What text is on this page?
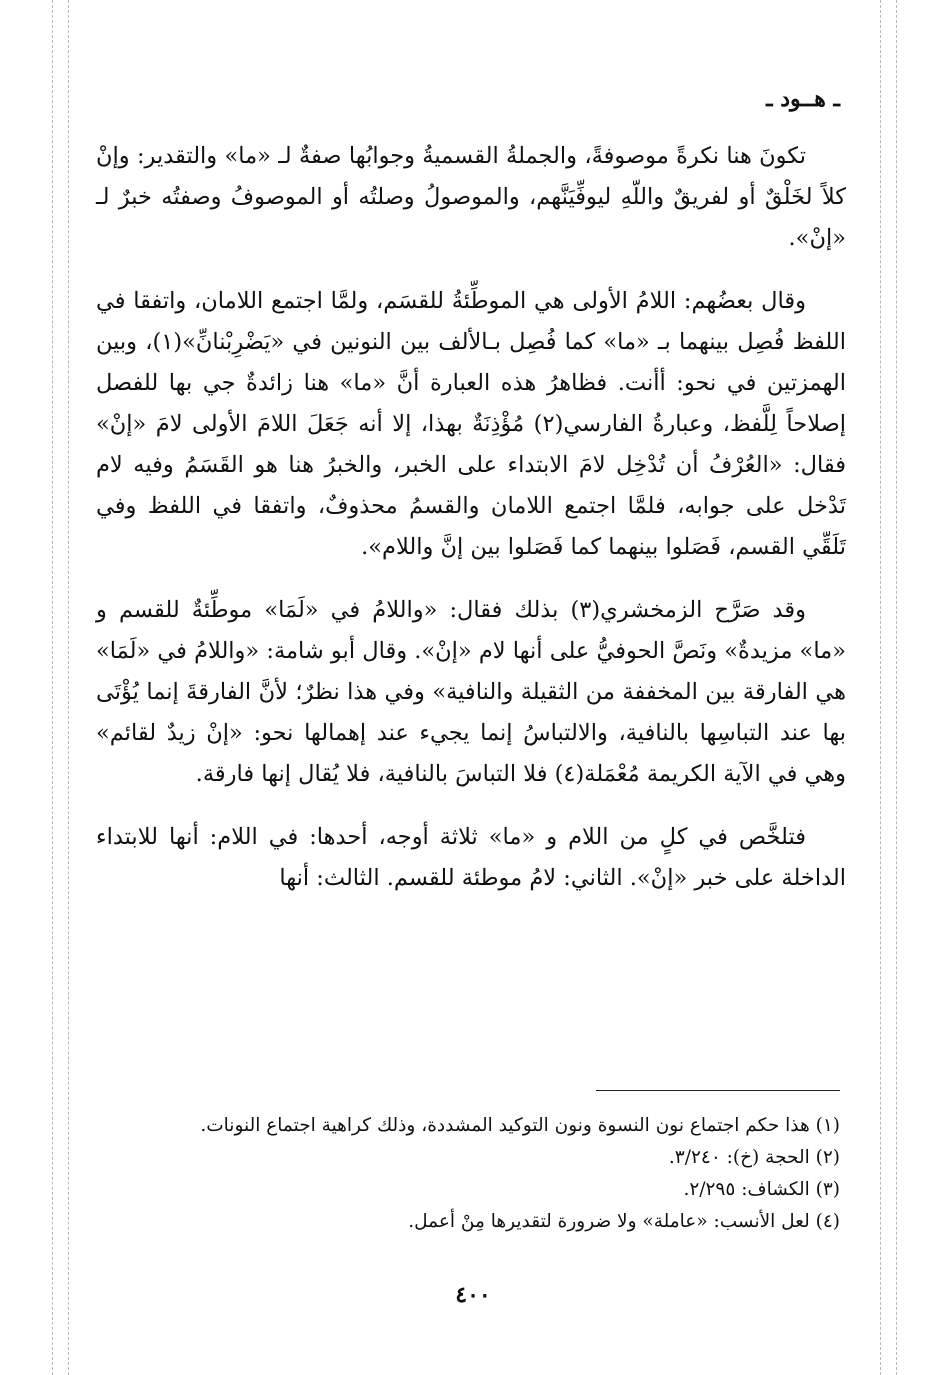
ـ هــود ـ

تكونَ هنا نكرةً موصوفةً، والجملةُ القسميةُ وجوابُها صفةٌ لـ «ما» والتقدير: وإنْ كلاً لخَلْقٌ أو لفريقٌ واللّهِ ليوفِّيَنَّهم، والموصولُ وصلتُه أو الموصوفُ وصفتُه خبرٌ لـ «إنْ».

وقال بعضُهم: اللامُ الأولى هي الموطِّئةُ للقسَم، ولمَّا اجتمع اللامان، واتفقا في اللفظ فُصِل بينهما بـ «ما» كما فُصِل بـالألف بين النونين في «يَضْرِبْنانِّ»(١)، وبين الهمزتين في نحو: أأنت. فظاهرُ هذه العبارة أنَّ «ما» هنا زائدةٌ جي بها للفصل إصلاحاً لِلَّفظ، وعبارةُ الفارسي(٢) مُؤْذِنَةٌ بهذا، إلا أنه جَعَلَ اللامَ الأولى لامَ «إنْ» فقال: «العُرْفُ أن تُدْخِل لامَ الابتداء على الخبر، والخبرُ هنا هو القَسَمُ وفيه لام تَدْخل على جوابه، فلمَّا اجتمع اللامان والقسمُ محذوفٌ، واتفقا في اللفظ وفي تَلَقِّي القسم، فَصَلوا بينهما كما فَصَلوا بين إنَّ واللام».

وقد صَرَّح الزمخشري(٣) بذلك فقال: «واللامُ في «لَمَا» موطِّئةٌ للقسم و «ما» مزيدةٌ» ونَصَّ الحوفيُّ على أنها لام «إنْ». وقال أبو شامة: «واللامُ في «لَمَا» هي الفارقة بين المخففة من الثقيلة والنافية» وفي هذا نظرٌ؛ لأنَّ الفارقةَ إنما يُؤْتَى بها عند التباسِها بالنافية، والالتباسُ إنما يجيء عند إهمالها نحو: «إنْ زيدٌ لقائم» وهي في الآية الكريمة مُعْمَلة(٤) فلا التباسَ بالنافية، فلا يُقال إنها فارقة.

فتلخَّص في كلٍ من اللام و «ما» ثلاثة أوجه، أحدها: في اللام: أنها للابتداء الداخلة على خبر «إنْ». الثاني: لامُ موطئة للقسم. الثالث: أنها

(١) هذا حكم اجتماع نون النسوة ونون التوكيد المشددة، وذلك كراهية اجتماع النونات.
(٢) الحجة (خ): ٣/٢٤٠.
(٣) الكشاف: ٢/٢٩٥.
(٤) لعل الأنسب: «عاملة» ولا ضرورة لتقديرها مِنْ أعمل.
٤٠٠
